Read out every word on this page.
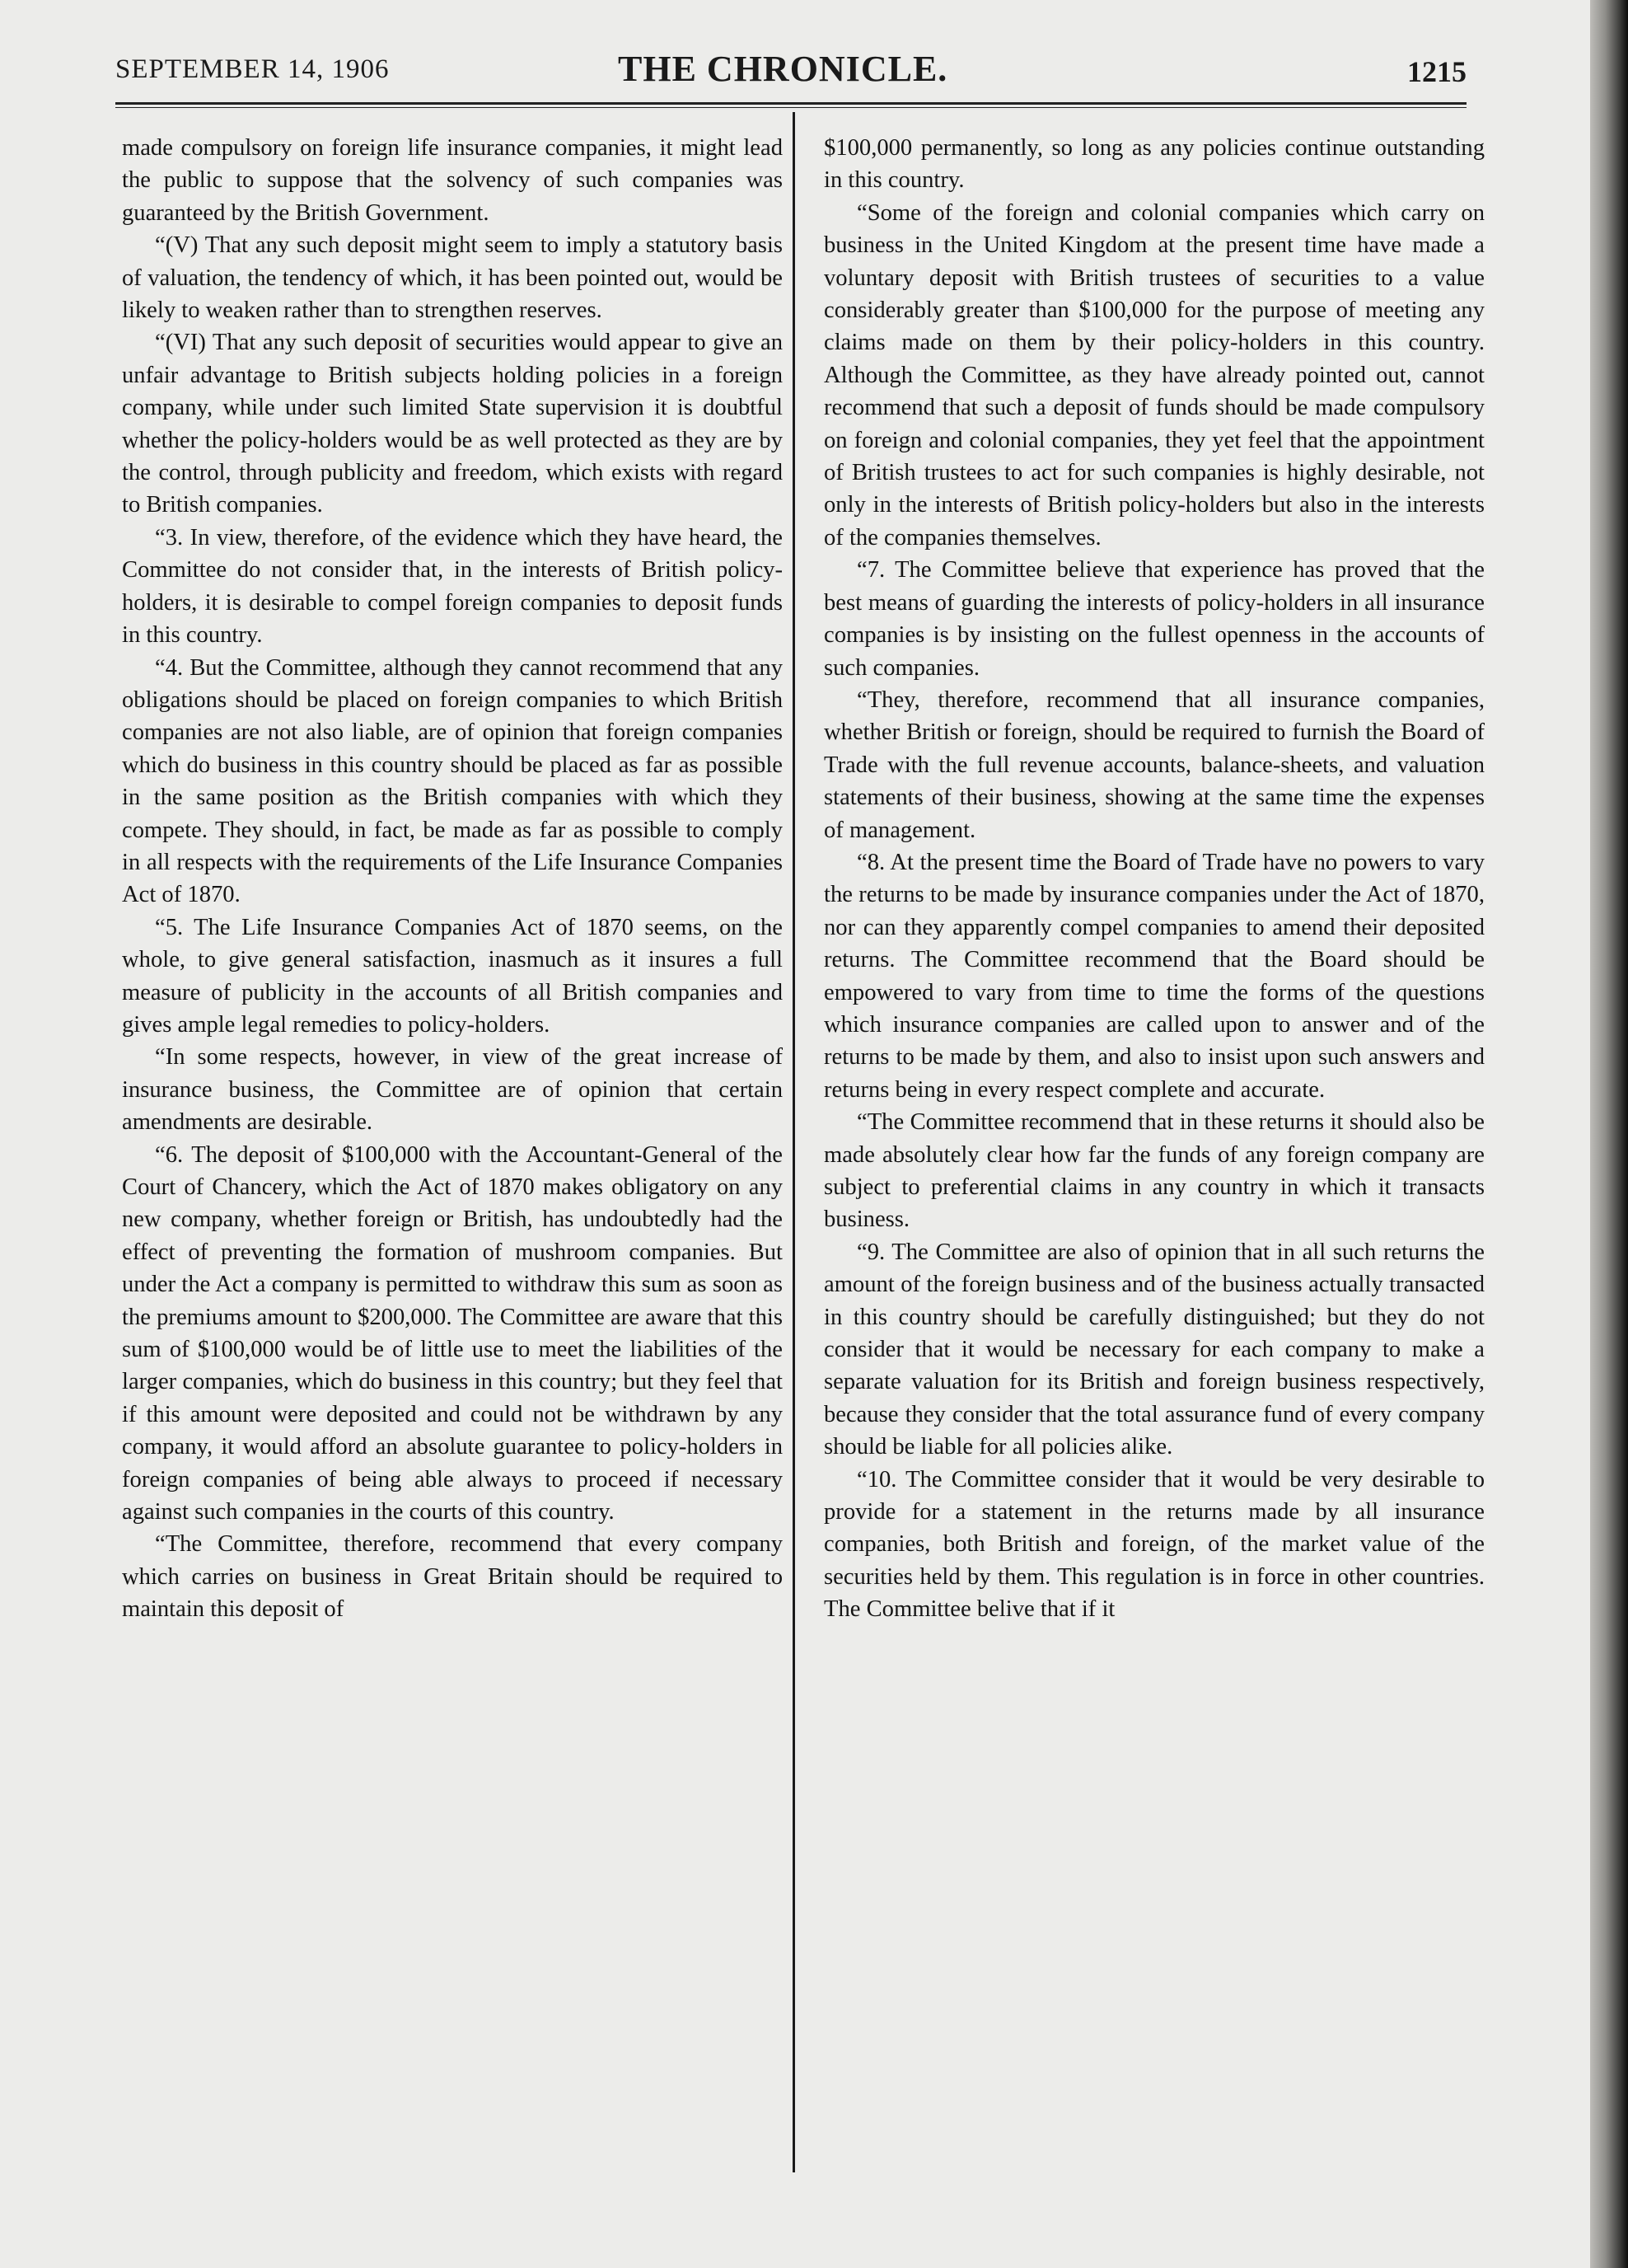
SEPTEMBER 14, 1906	THE CHRONICLE.	1215

made compulsory on foreign life insurance companies, it might lead the public to suppose that the solvency of such companies was guaranteed by the British Government.

“(V) That any such deposit might seem to imply a statutory basis of valuation, the tendency of which, it has been pointed out, would be likely to weaken rather than to strengthen reserves.

“(VI) That any such deposit of securities would appear to give an unfair advantage to British subjects holding policies in a foreign company, while under such limited State supervision it is doubtful whether the policy-holders would be as well protected as they are by the control, through publicity and freedom, which exists with regard to British companies.

“3. In view, therefore, of the evidence which they have heard, the Committee do not consider that, in the interests of British policy-holders, it is desirable to compel foreign companies to deposit funds in this country.

“4. But the Committee, although they cannot recommend that any obligations should be placed on foreign companies to which British companies are not also liable, are of opinion that foreign companies which do business in this country should be placed as far as possible in the same position as the British companies with which they compete. They should, in fact, be made as far as possible to comply in all respects with the requirements of the Life Insurance Companies Act of 1870.

“5. The Life Insurance Companies Act of 1870 seems, on the whole, to give general satisfaction, inasmuch as it insures a full measure of publicity in the accounts of all British companies and gives ample legal remedies to policy-holders.

“In some respects, however, in view of the great increase of insurance business, the Committee are of opinion that certain amendments are desirable.

“6. The deposit of $100,000 with the Accountant-General of the Court of Chancery, which the Act of 1870 makes obligatory on any new company, whether foreign or British, has undoubtedly had the effect of preventing the formation of mushroom companies. But under the Act a company is permitted to withdraw this sum as soon as the premiums amount to $200,000. The Committee are aware that this sum of $100,000 would be of little use to meet the liabilities of the larger companies, which do business in this country; but they feel that if this amount were deposited and could not be withdrawn by any company, it would afford an absolute guarantee to policy-holders in foreign companies of being able always to proceed if necessary against such companies in the courts of this country.

“The Committee, therefore, recommend that every company which carries on business in Great Britain should be required to maintain this deposit of

$100,000 permanently, so long as any policies continue outstanding in this country.

“Some of the foreign and colonial companies which carry on business in the United Kingdom at the present time have made a voluntary deposit with British trustees of securities to a value considerably greater than $100,000 for the purpose of meeting any claims made on them by their policy-holders in this country. Although the Committee, as they have already pointed out, cannot recommend that such a deposit of funds should be made compulsory on foreign and colonial companies, they yet feel that the appointment of British trustees to act for such companies is highly desirable, not only in the interests of British policy-holders but also in the interests of the companies themselves.

“7. The Committee believe that experience has proved that the best means of guarding the interests of policy-holders in all insurance companies is by insisting on the fullest openness in the accounts of such companies.

“They, therefore, recommend that all insurance companies, whether British or foreign, should be required to furnish the Board of Trade with the full revenue accounts, balance-sheets, and valuation statements of their business, showing at the same time the expenses of management.

“8. At the present time the Board of Trade have no powers to vary the returns to be made by insurance companies under the Act of 1870, nor can they apparently compel companies to amend their deposited returns. The Committee recommend that the Board should be empowered to vary from time to time the forms of the questions which insurance companies are called upon to answer and of the returns to be made by them, and also to insist upon such answers and returns being in every respect complete and accurate.

“The Committee recommend that in these returns it should also be made absolutely clear how far the funds of any foreign company are subject to preferential claims in any country in which it transacts business.

“9. The Committee are also of opinion that in all such returns the amount of the foreign business and of the business actually transacted in this country should be carefully distinguished; but they do not consider that it would be necessary for each company to make a separate valuation for its British and foreign business respectively, because they consider that the total assurance fund of every company should be liable for all policies alike.

“10. The Committee consider that it would be very desirable to provide for a statement in the returns made by all insurance companies, both British and foreign, of the market value of the securities held by them. This regulation is in force in other countries. The Committee belive that if it
